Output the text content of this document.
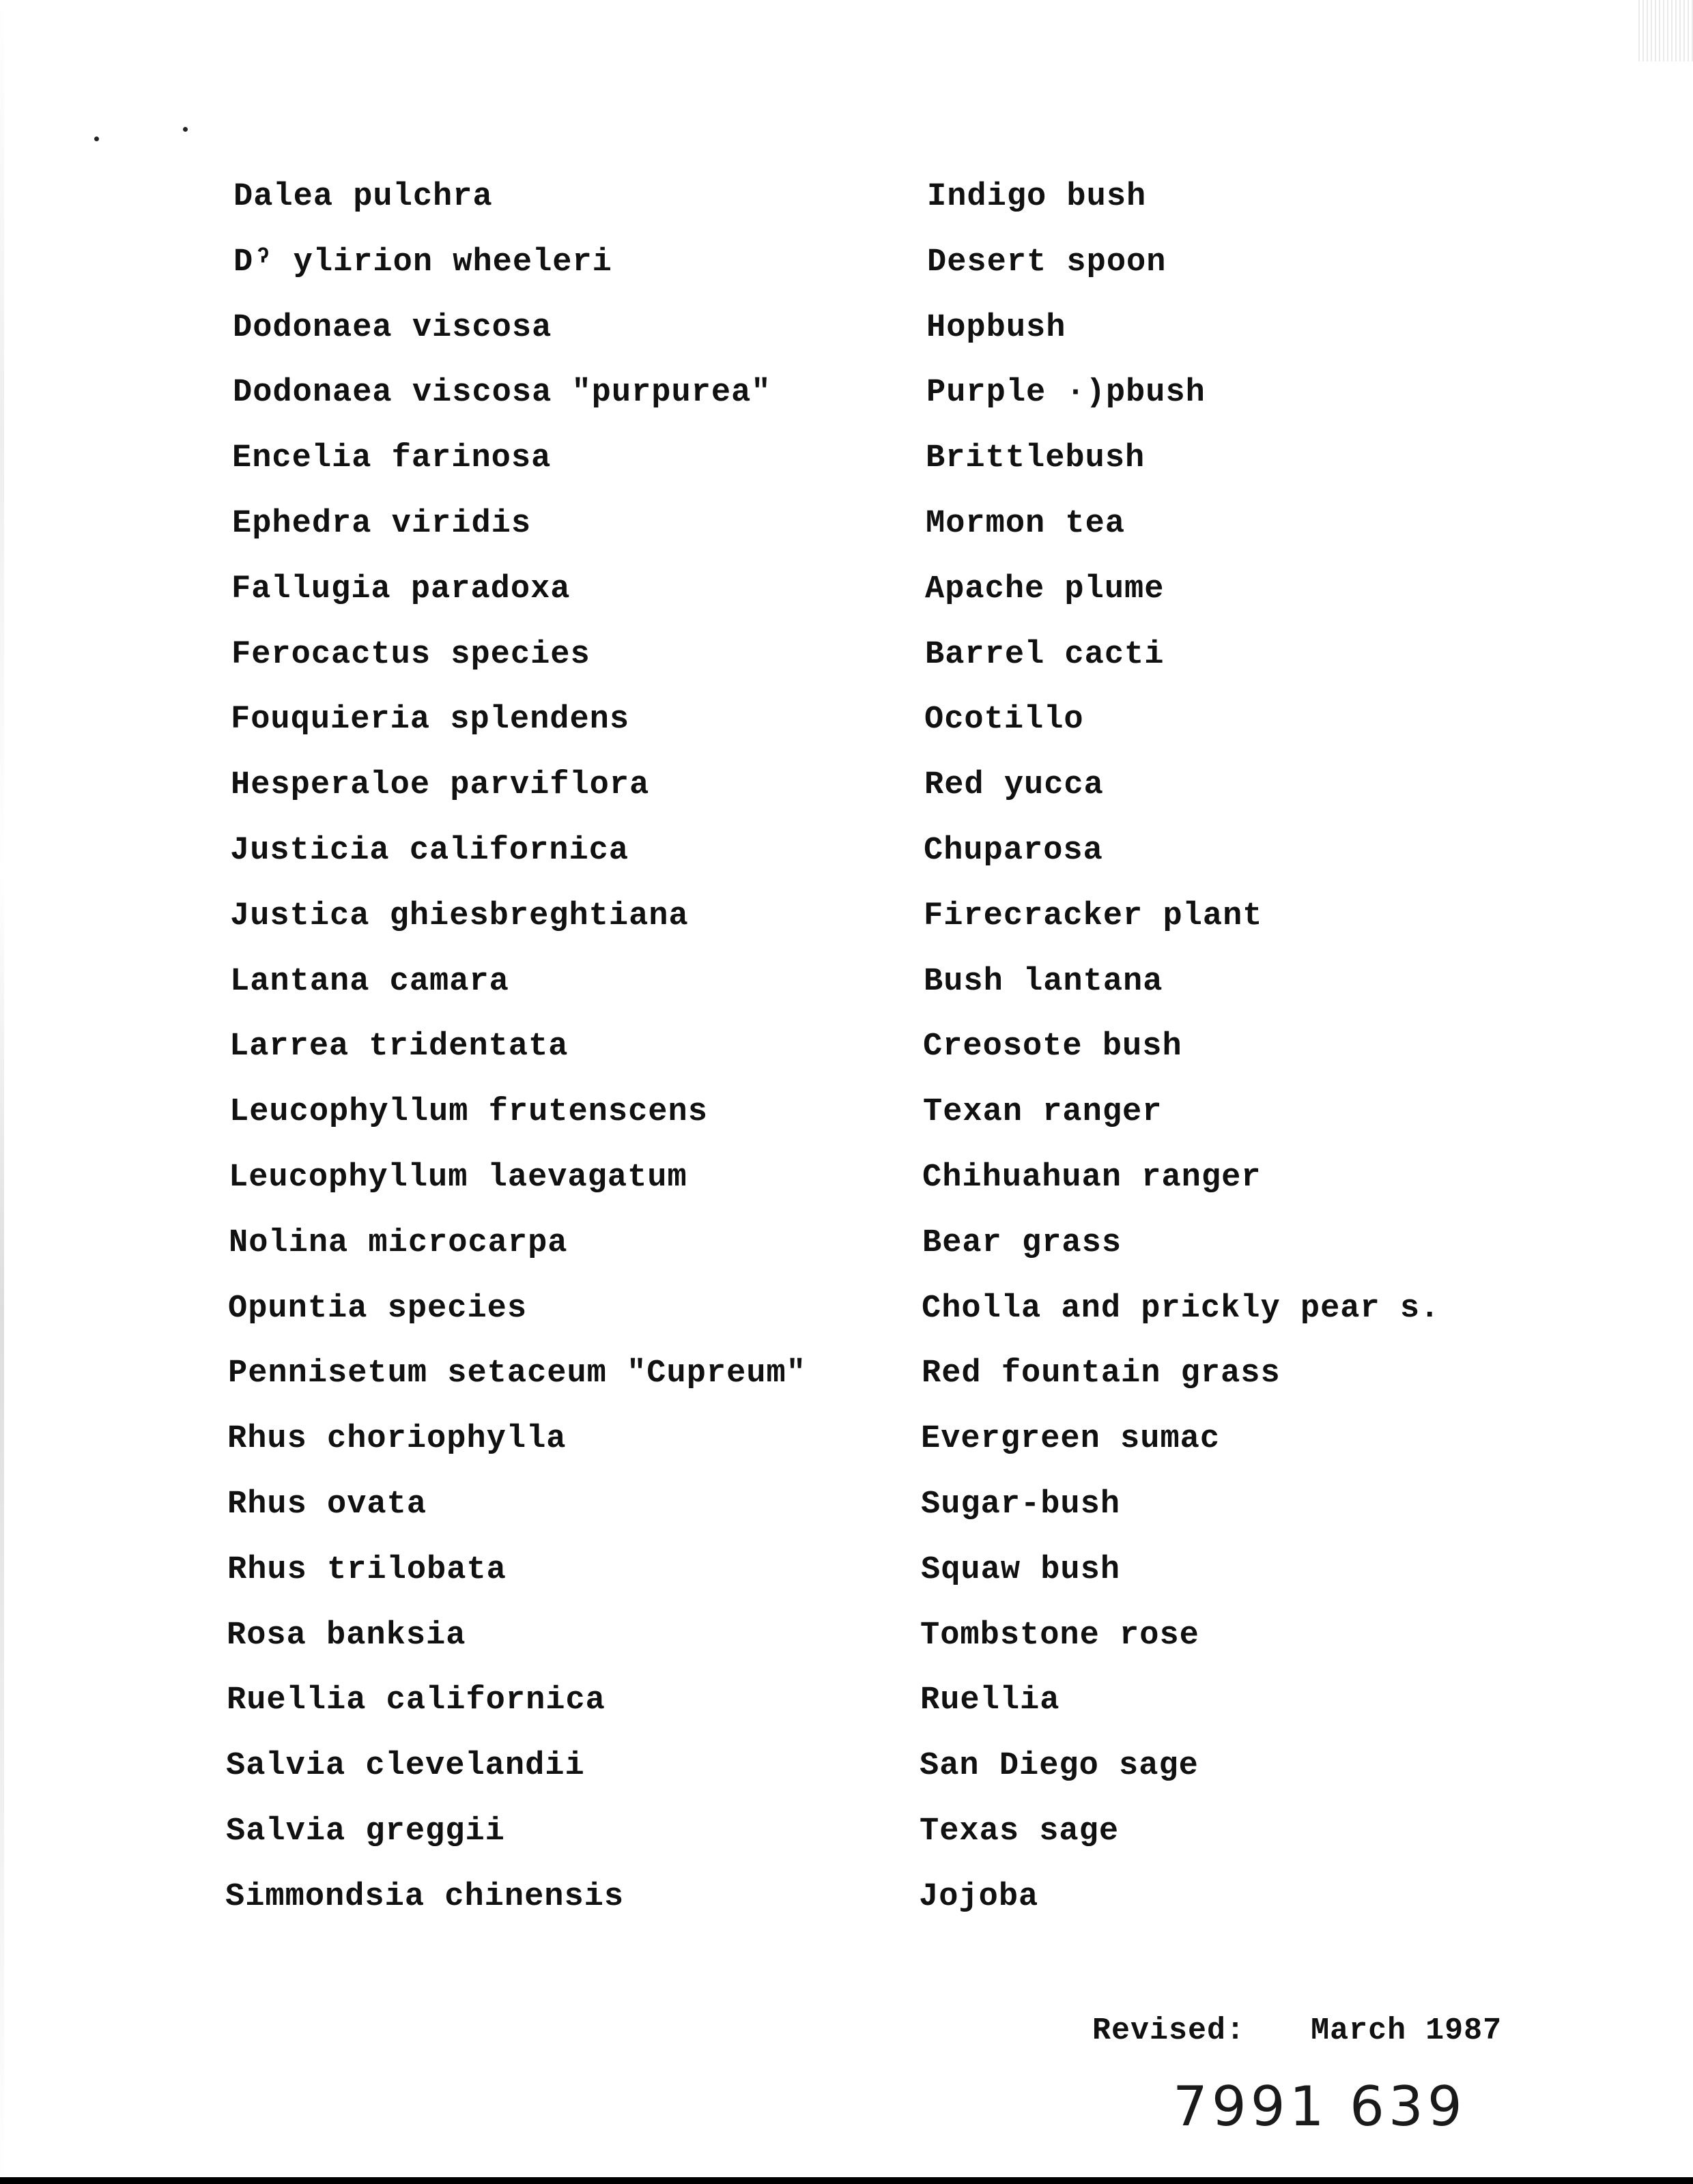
Dalea pulchra	Indigo bush
Dˀ ylirion wheeleri	Desert spoon
Dodonaea viscosa	Hopbush
Dodonaea viscosa "purpurea"	Purple ·)pbush
Encelia farinosa	Brittlebush
Ephedra viridis	Mormon tea
Fallugia paradoxa	Apache plume
Ferocactus species	Barrel cacti
Fouquieria splendens	Ocotillo
Hesperaloe parviflora	Red yucca
Justicia californica	Chuparosa
Justica ghiesbreghtiana	Firecracker plant
Lantana camara	Bush lantana
Larrea tridentata	Creosote bush
Leucophyllum frutenscens	Texan ranger
Leucophyllum laevagatum	Chihuahuan ranger
Nolina microcarpa	Bear grass
Opuntia species	Cholla and prickly pear s.
Pennisetum setaceum "Cupreum"	Red fountain grass
Rhus choriophylla	Evergreen sumac
Rhus ovata	Sugar-bush
Rhus trilobata	Squaw bush
Rosa banksia	Tombstone rose
Ruellia californica	Ruellia
Salvia clevelandii	San Diego sage
Salvia greggii	Texas sage
Simmondsia chinensis	Jojoba
Revised: March 1987
7991 639
